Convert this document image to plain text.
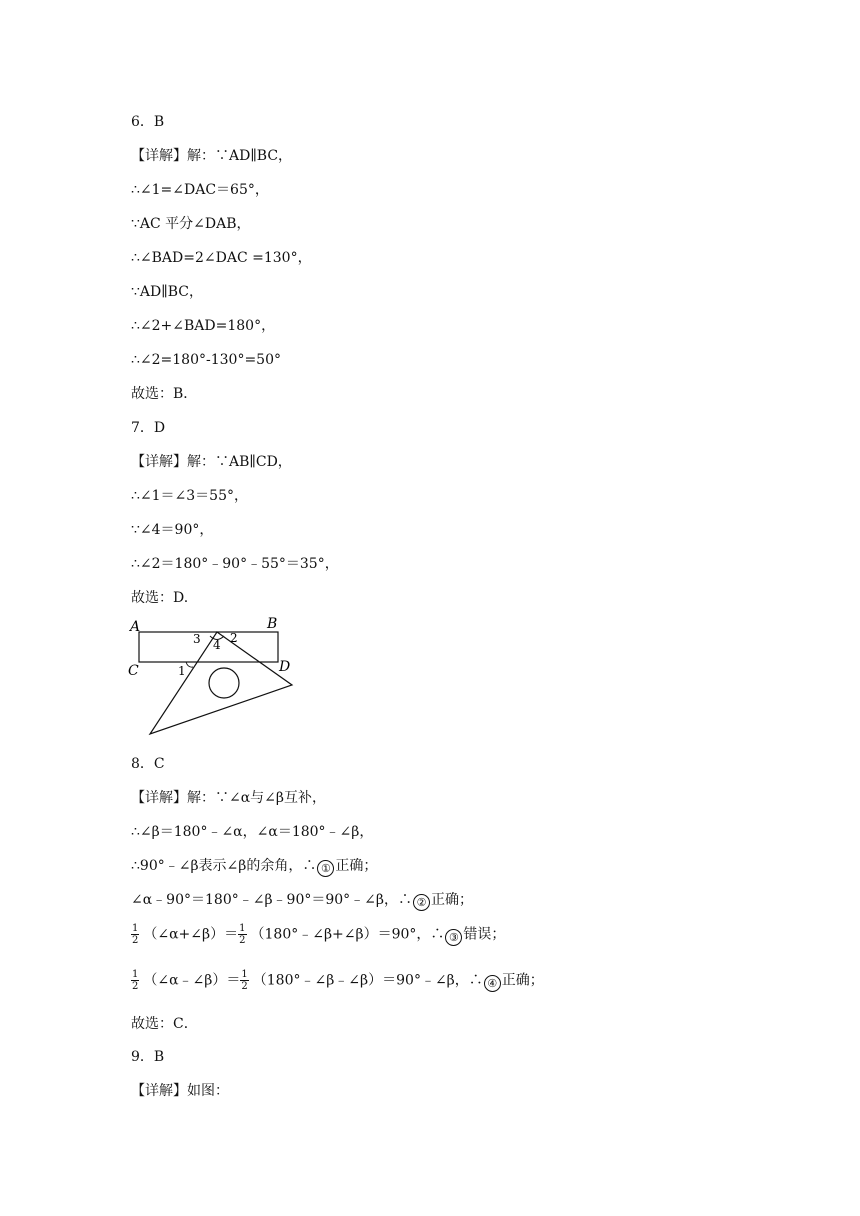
6．B
【详解】解：∵AD∥BC，
∴∠1=∠DAC＝65°，
∵AC 平分∠DAB，
∴∠BAD=2∠DAC =130°，
∵AD∥BC，
∴∠2+∠BAD=180°，
∴∠2=180°-130°=50°
故选：B．
7．D
【详解】解：∵AB∥CD，
∴∠1＝∠3＝55°，
∵∠4＝90°，
∴∠2＝180°﹣90°﹣55°＝35°，
故选：D.
A	B
C	D
1
2
3 4
8．C
【详解】解：∵∠α与∠β互补，
∴∠β＝180°﹣∠α，∠α＝180°﹣∠β，
∴90°﹣∠β表示∠β的余角，∴ ① 正确；
∠α﹣90°＝180°﹣∠β﹣90°＝90°﹣∠β，∴ ② 正确；
$\frac{1}{2}$ （∠α+∠β）＝ $\frac{1}{2}$ （180°﹣∠β+∠β）＝90°，∴ ③ 错误；
$\frac{1}{2}$ （∠α﹣∠β）＝ $\frac{1}{2}$ （180°﹣∠β﹣∠β）＝90°﹣∠β，∴ ④ 正确；
故选：C．
9．B
【详解】如图：
